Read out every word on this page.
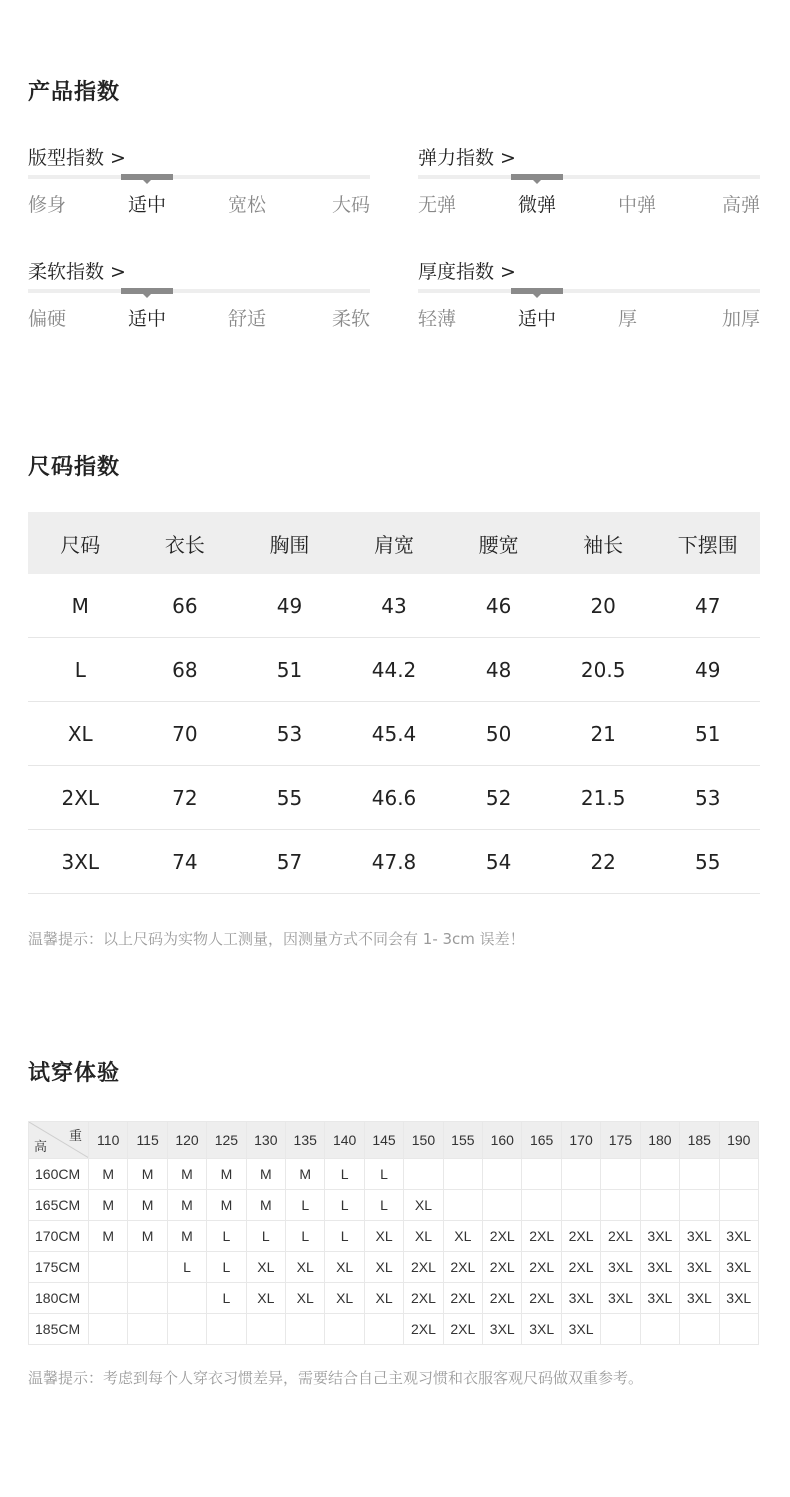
产品指数
版型指数 >
修身	适中	宽松	大码
弹力指数 >
无弹	微弹	中弹	高弹
柔软指数 >
偏硬	适中	舒适	柔软
厚度指数 >
轻薄	适中	厚	加厚
尺码指数
尺码	衣长	胸围	肩宽	腰宽	袖长	下摆围
M	66	49	43	46	20	47
L	68	51	44.2	48	20.5	49
XL	70	53	45.4	50	21	51
2XL	72	55	46.6	52	21.5	53
3XL	74	57	47.8	54	22	55
温馨提示：以上尺码为实物人工测量，因测量方式不同会有 1- 3cm 误差！
试穿体验
重
高	110	115	120	125	130	135	140	145	150	155	160	165	170	175	180	185	190
160CM	M	M	M	M	M	M	L	L									
165CM	M	M	M	M	M	L	L	L	XL								
170CM	M	M	M	L	L	L	L	XL	XL	XL	2XL	2XL	2XL	2XL	3XL	3XL	3XL
175CM			L	L	XL	XL	XL	XL	2XL	2XL	2XL	2XL	2XL	3XL	3XL	3XL	3XL
180CM				L	XL	XL	XL	XL	2XL	2XL	2XL	2XL	3XL	3XL	3XL	3XL	3XL
185CM									2XL	2XL	3XL	3XL	3XL				
温馨提示：考虑到每个人穿衣习惯差异，需要结合自己主观习惯和衣服客观尺码做双重参考。
